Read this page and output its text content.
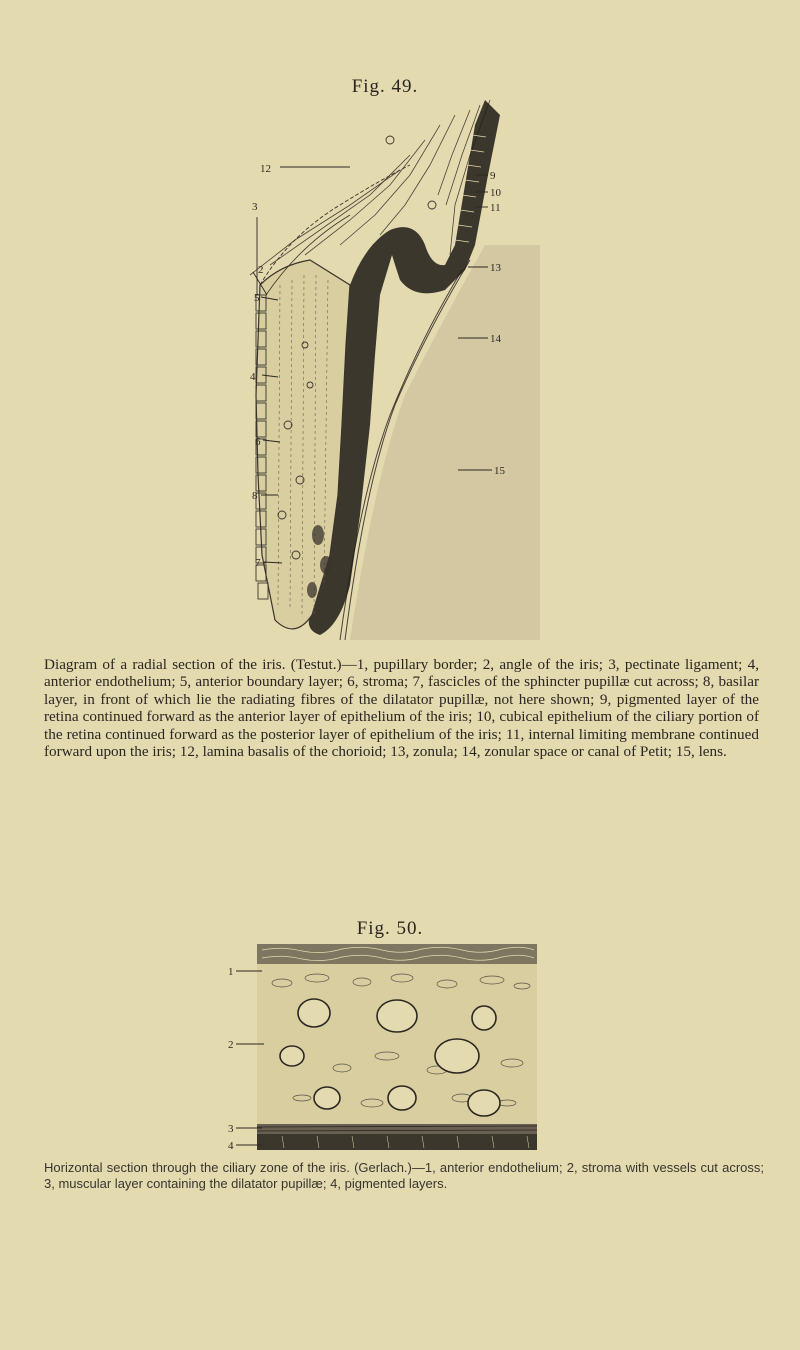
Fig. 49.
12
3
2
5
4
6
8
7
9
10
11
13
14
15
Diagram of a radial section of the iris. (Testut.)—1, pupillary border; 2, angle of the iris; 3, pectinate ligament; 4, anterior endothelium; 5, anterior boundary layer; 6, stroma; 7, fascicles of the sphincter pupillæ cut across; 8, basilar layer, in front of which lie the radiating fibres of the dilatator pupillæ, not here shown; 9, pigmented layer of the retina continued forward as the anterior layer of epithelium of the iris; 10, cubical epithelium of the ciliary portion of the retina continued forward as the posterior layer of epithelium of the iris; 11, internal limiting membrane continued forward upon the iris; 12, lamina basalis of the chorioid; 13, zonula; 14, zonular space or canal of Petit; 15, lens.
Fig. 50.
1
2
3
4
Horizontal section through the ciliary zone of the iris. (Gerlach.)—1, anterior endothelium; 2, stroma with vessels cut across; 3, muscular layer containing the dilatator pupillæ; 4, pigmented layers.
